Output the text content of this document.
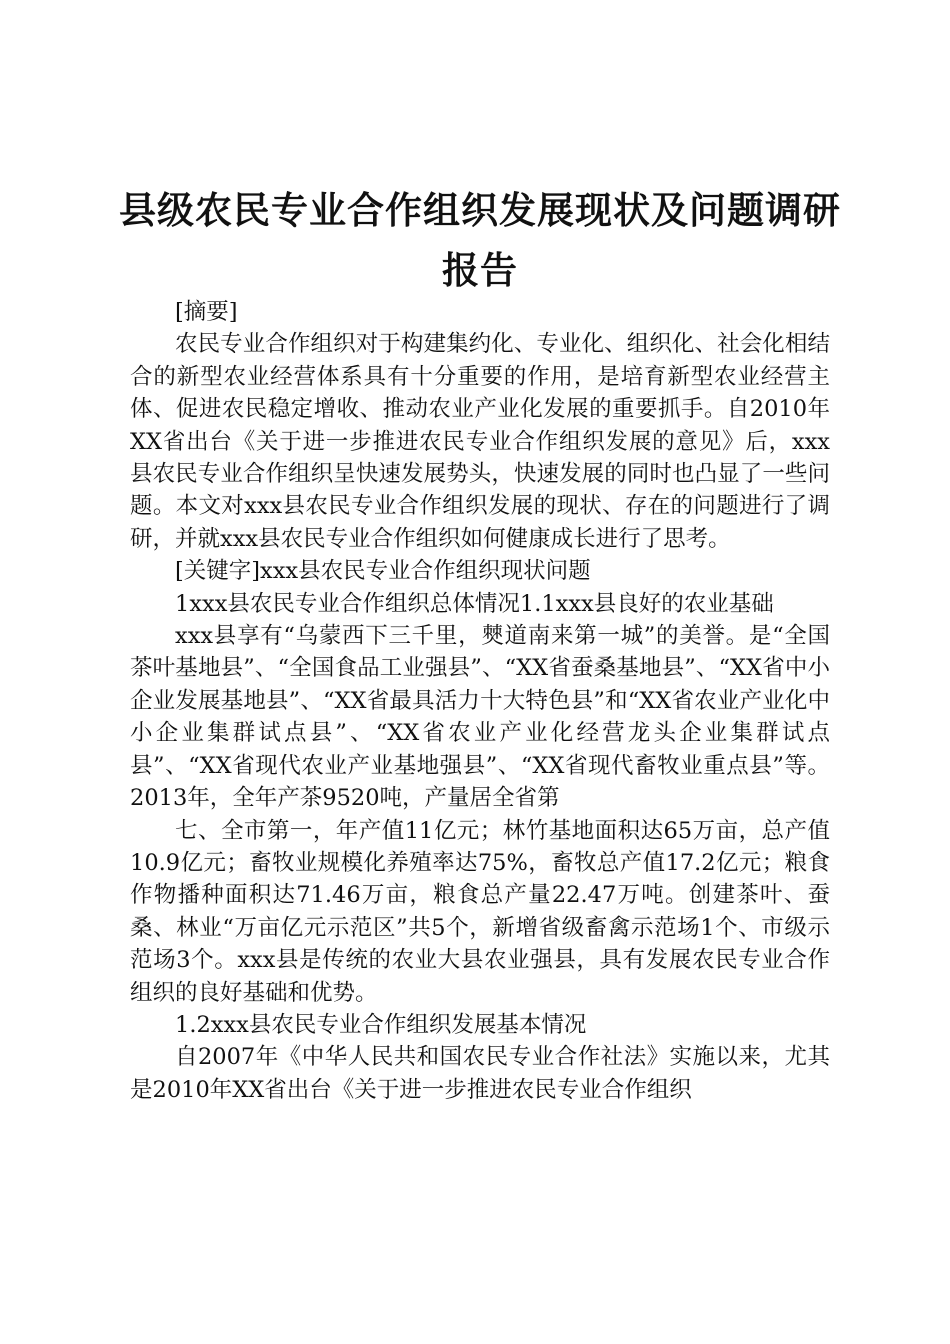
县级农民专业合作组织发展现状及问题调研报告

[摘要]

农民专业合作组织对于构建集约化、专业化、组织化、社会化相结合的新型农业经营体系具有十分重要的作用，是培育新型农业经营主体、促进农民稳定增收、推动农业产业化发展的重要抓手。自2010年XX省出台《关于进一步推进农民专业合作组织发展的意见》后，xxx县农民专业合作组织呈快速发展势头，快速发展的同时也凸显了一些问题。本文对xxx县农民专业合作组织发展的现状、存在的问题进行了调研，并就xxx县农民专业合作组织如何健康成长进行了思考。

[关键字]xxx县农民专业合作组织现状问题

1xxx县农民专业合作组织总体情况1.1xxx县良好的农业基础

xxx县享有“乌蒙西下三千里，僰道南来第一城”的美誉。是“全国茶叶基地县”、“全国食品工业强县”、“XX省蚕桑基地县”、“XX省中小企业发展基地县”、“XX省最具活力十大特色县”和“XX省农业产业化中小企业集群试点县”、“XX省农业产业化经营龙头企业集群试点县”、“XX省现代农业产业基地强县”、“XX省现代畜牧业重点县”等。2013年，全年产茶9520吨，产量居全省第

七、全市第一，年产值11亿元；林竹基地面积达65万亩，总产值10.9亿元；畜牧业规模化养殖率达75%，畜牧总产值17.2亿元；粮食作物播种面积达71.46万亩，粮食总产量22.47万吨。创建茶叶、蚕桑、林业“万亩亿元示范区”共5个，新增省级畜禽示范场1个、市级示范场3个。xxx县是传统的农业大县农业强县，具有发展农民专业合作组织的良好基础和优势。

1.2xxx县农民专业合作组织发展基本情况

自2007年《中华人民共和国农民专业合作社法》实施以来，尤其是2010年XX省出台《关于进一步推进农民专业合作组织
